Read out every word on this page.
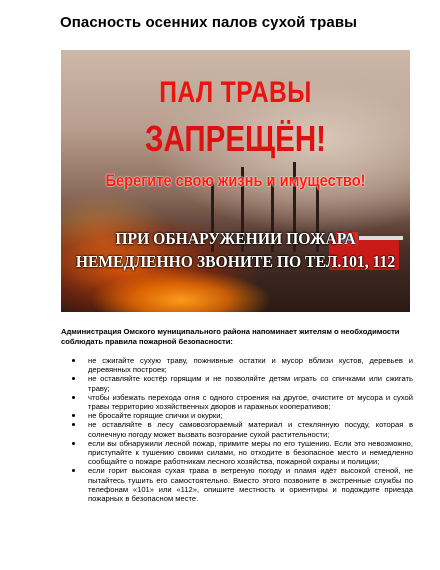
Опасность осенних палов сухой травы
ПАЛ ТРАВЫ
ЗАПРЕЩЁН!
Берегите свою жизнь и имущество!
ПРИ ОБНАРУЖЕНИИ ПОЖАРА
НЕМЕДЛЕННО ЗВОНИТЕ ПО ТЕЛ.101, 112
Администрация Омского муниципального района напоминает жителям о необходимости соблюдать правила пожарной безопасности:
не сжигайте сухую траву, пожнивные остатки и мусор вблизи кустов, деревьев и деревянных построек;
не оставляйте костёр горящим и не позволяйте детям играть со спичками или сжигать траву;
чтобы избежать перехода огня с одного строения на другое, очистите от мусора и сухой травы территорию хозяйственных дворов и гаражных кооперативов;
не бросайте горящие спички и окурки;
не оставляйте в лесу самовозгораемый материал и стеклянную посуду, которая в солнечную погоду может вызвать возгорание сухой растительности;
если вы обнаружили лесной пожар, примите меры по его тушению. Если это невозможно, приступайте к тушению своими силами, но отходите в безопасное место и немедленно сообщайте о пожаре работникам лесного хозяйства, пожарной охраны и полиции;
если горит высокая сухая трава в ветреную погоду и пламя идёт высокой стеной, не пытайтесь тушить его самостоятельно. Вместо этого позвоните в экстренные службы по телефонам «101» или «112», опишите местность и ориентиры и подождите приезда пожарных в безопасном месте.
